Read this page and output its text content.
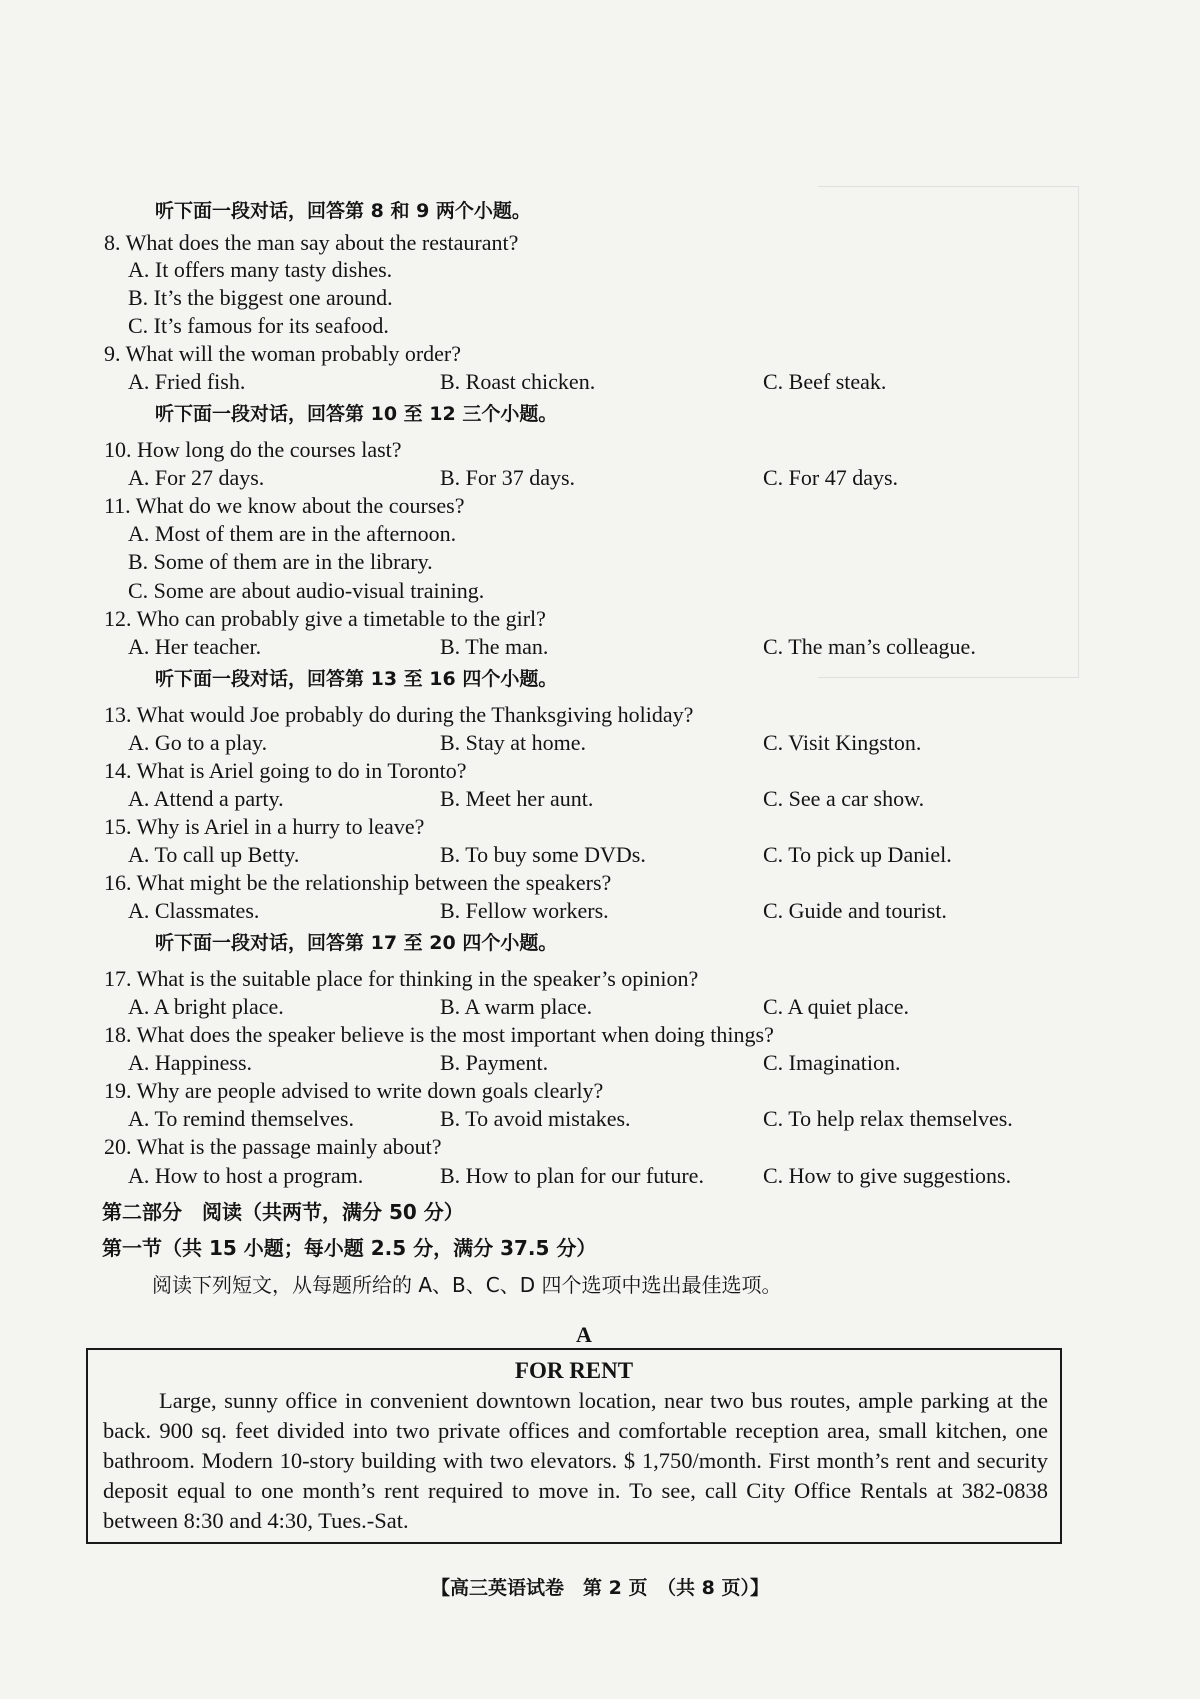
听下面一段对话，回答第 8 和 9 两个小题。
8. What does the man say about the restaurant?
A. It offers many tasty dishes.
B. It’s the biggest one around.
C. It’s famous for its seafood.
9. What will the woman probably order?
A. Fried fish.	B. Roast chicken.	C. Beef steak.
听下面一段对话，回答第 10 至 12 三个小题。
10. How long do the courses last?
A. For 27 days.	B. For 37 days.	C. For 47 days.
11. What do we know about the courses?
A. Most of them are in the afternoon.
B. Some of them are in the library.
C. Some are about audio-visual training.
12. Who can probably give a timetable to the girl?
A. Her teacher.	B. The man.	C. The man’s colleague.
听下面一段对话，回答第 13 至 16 四个小题。
13. What would Joe probably do during the Thanksgiving holiday?
A. Go to a play.	B. Stay at home.	C. Visit Kingston.
14. What is Ariel going to do in Toronto?
A. Attend a party.	B. Meet her aunt.	C. See a car show.
15. Why is Ariel in a hurry to leave?
A. To call up Betty.	B. To buy some DVDs.	C. To pick up Daniel.
16. What might be the relationship between the speakers?
A. Classmates.	B. Fellow workers.	C. Guide and tourist.
听下面一段对话，回答第 17 至 20 四个小题。
17. What is the suitable place for thinking in the speaker’s opinion?
A. A bright place.	B. A warm place.	C. A quiet place.
18. What does the speaker believe is the most important when doing things?
A. Happiness.	B. Payment.	C. Imagination.
19. Why are people advised to write down goals clearly?
A. To remind themselves.	B. To avoid mistakes.	C. To help relax themselves.
20. What is the passage mainly about?
A. How to host a program.	B. How to plan for our future.	C. How to give suggestions.
第二部分　阅读（共两节，满分 50 分）
第一节（共 15 小题；每小题 2.5 分，满分 37.5 分）
阅读下列短文，从每题所给的 A、B、C、D 四个选项中选出最佳选项。
A
FOR RENT
Large, sunny office in convenient downtown location, near two bus routes, ample parking at the back. 900 sq. feet divided into two private offices and comfortable reception area, small kitchen, one bathroom. Modern 10-story building with two elevators. $ 1,750/month. First month’s rent and security deposit equal to one month’s rent required to move in. To see, call City Office Rentals at 382-0838 between 8:30 and 4:30, Tues.-Sat.
【高三英语试卷　第 2 页　（共 8 页）】
